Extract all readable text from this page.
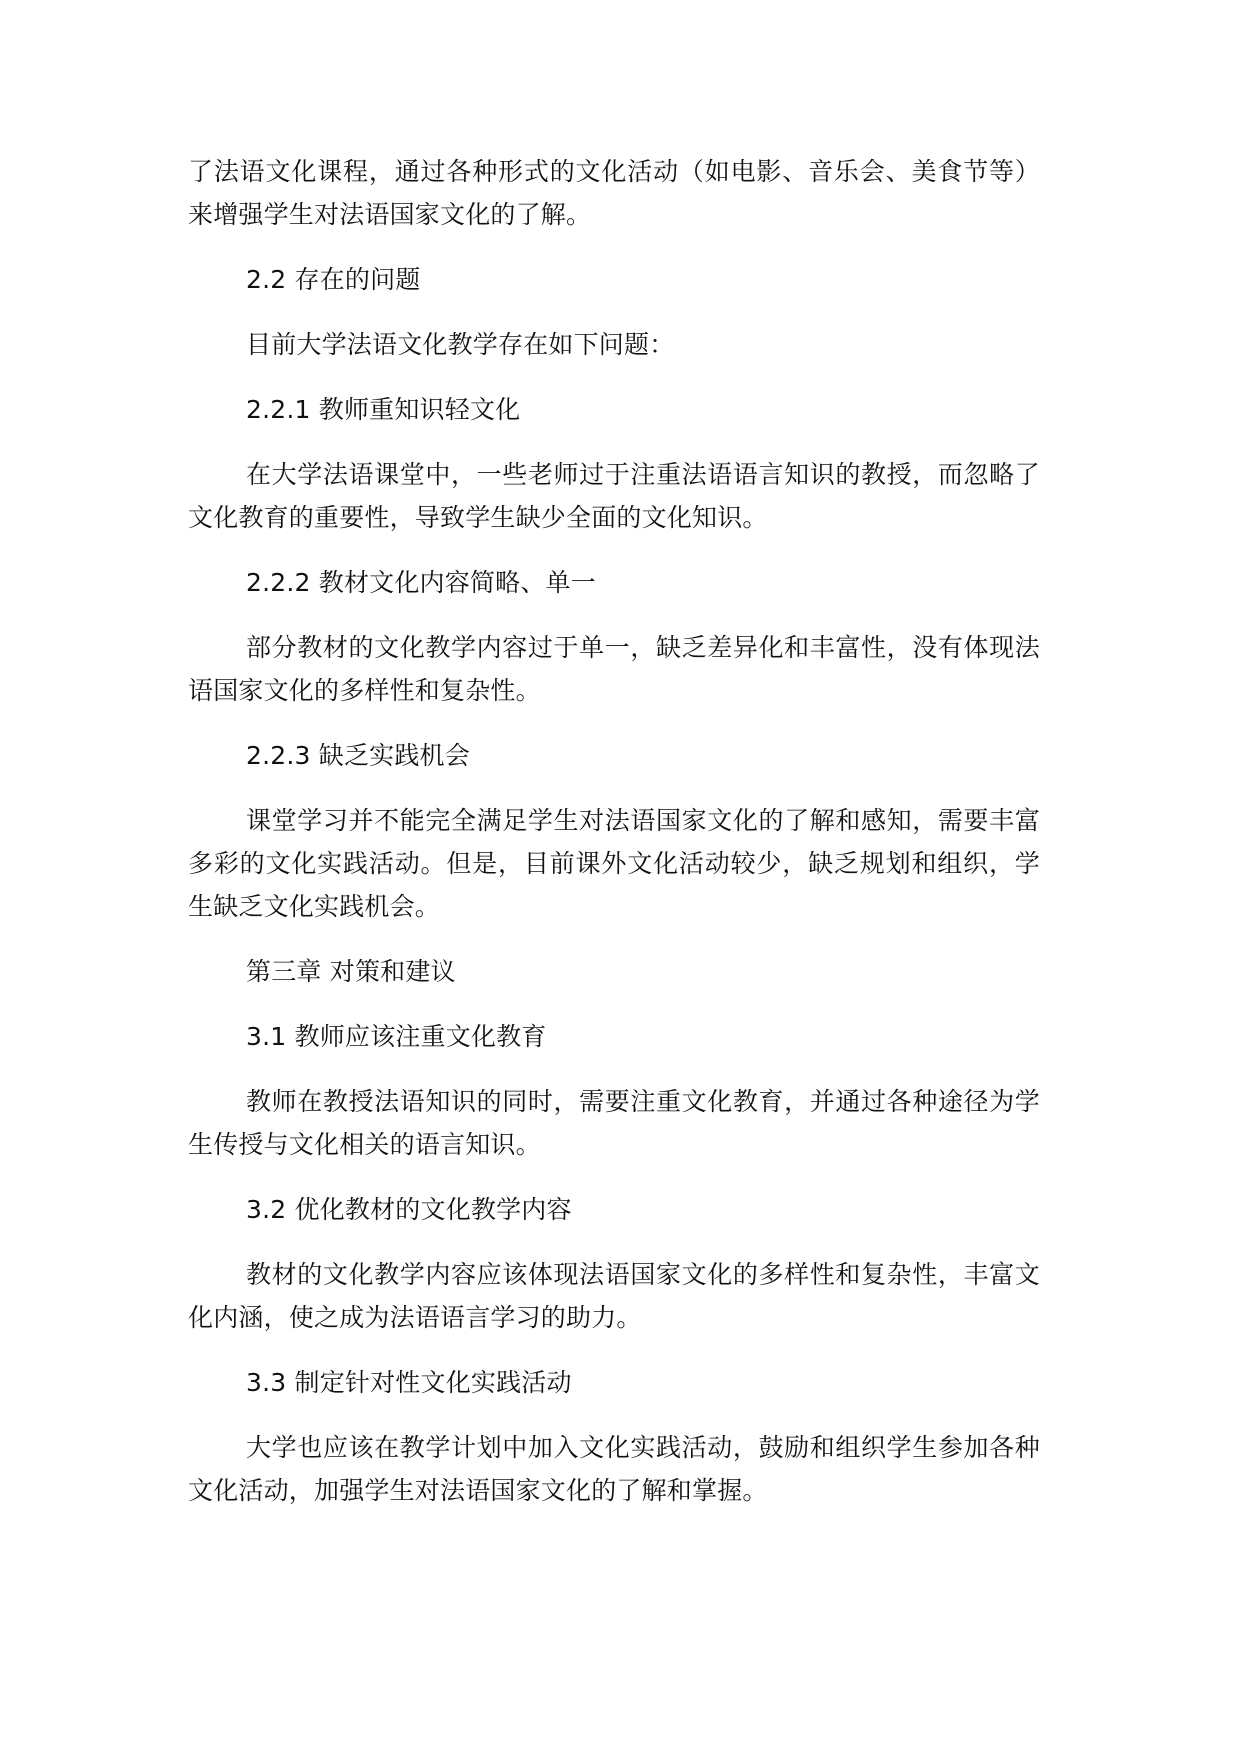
了法语文化课程，通过各种形式的文化活动（如电影、音乐会、美食节等）来增强学生对法语国家文化的了解。

2.2 存在的问题

目前大学法语文化教学存在如下问题：

2.2.1 教师重知识轻文化

在大学法语课堂中，一些老师过于注重法语语言知识的教授，而忽略了文化教育的重要性，导致学生缺少全面的文化知识。

2.2.2 教材文化内容简略、单一

部分教材的文化教学内容过于单一，缺乏差异化和丰富性，没有体现法语国家文化的多样性和复杂性。

2.2.3 缺乏实践机会

课堂学习并不能完全满足学生对法语国家文化的了解和感知，需要丰富多彩的文化实践活动。但是，目前课外文化活动较少，缺乏规划和组织，学生缺乏文化实践机会。

第三章 对策和建议

3.1 教师应该注重文化教育

教师在教授法语知识的同时，需要注重文化教育，并通过各种途径为学生传授与文化相关的语言知识。

3.2 优化教材的文化教学内容

教材的文化教学内容应该体现法语国家文化的多样性和复杂性，丰富文化内涵，使之成为法语语言学习的助力。

3.3 制定针对性文化实践活动

大学也应该在教学计划中加入文化实践活动，鼓励和组织学生参加各种文化活动，加强学生对法语国家文化的了解和掌握。
